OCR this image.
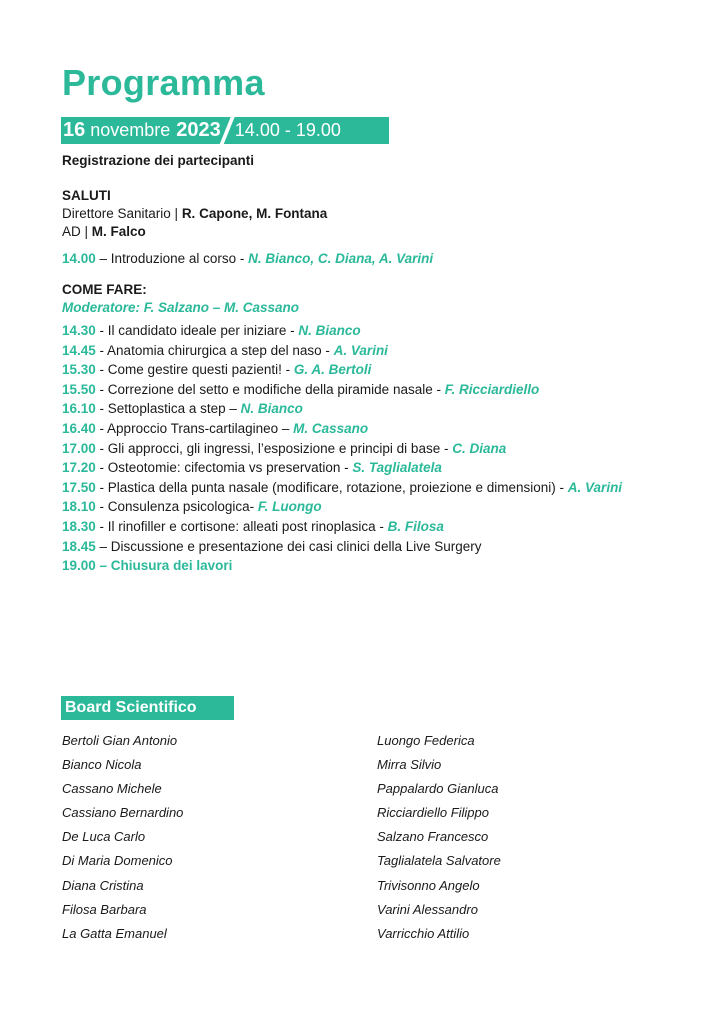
Programma
16 novembre 2023 14.00 - 19.00
Registrazione dei partecipanti
SALUTI
Direttore Sanitario | R. Capone, M. Fontana
AD | M. Falco
14.00 – Introduzione al corso - N. Bianco, C. Diana, A. Varini
COME FARE:
Moderatore: F. Salzano – M. Cassano
14.30 - Il candidato ideale per iniziare - N. Bianco
14.45 - Anatomia chirurgica a step del naso - A. Varini
15.30 - Come gestire questi pazienti! - G. A. Bertoli
15.50 - Correzione del setto e modifiche della piramide nasale - F. Ricciardiello
16.10 - Settoplastica a step – N. Bianco
16.40 - Approccio Trans-cartilagineo – M. Cassano
17.00 - Gli approcci, gli ingressi, l’esposizione e principi di base - C. Diana
17.20 - Osteotomie: cifectomia vs preservation - S. Taglialatela
17.50 - Plastica della punta nasale (modificare, rotazione, proiezione e dimensioni) - A. Varini
18.10 - Consulenza psicologica- F. Luongo
18.30 - Il rinofiller e cortisone: alleati post rinoplasica - B. Filosa
18.45 – Discussione e presentazione dei casi clinici della Live Surgery
19.00 – Chiusura dei lavori
Board Scientifico
Bertoli Gian Antonio
Bianco Nicola
Cassano Michele
Cassiano Bernardino
De Luca Carlo
Di Maria Domenico
Diana Cristina
Filosa Barbara
La Gatta Emanuel
Luongo Federica
Mirra Silvio
Pappalardo Gianluca
Ricciardiello Filippo
Salzano Francesco
Taglialatela Salvatore
Trivisonno Angelo
Varini Alessandro
Varricchio Attilio
